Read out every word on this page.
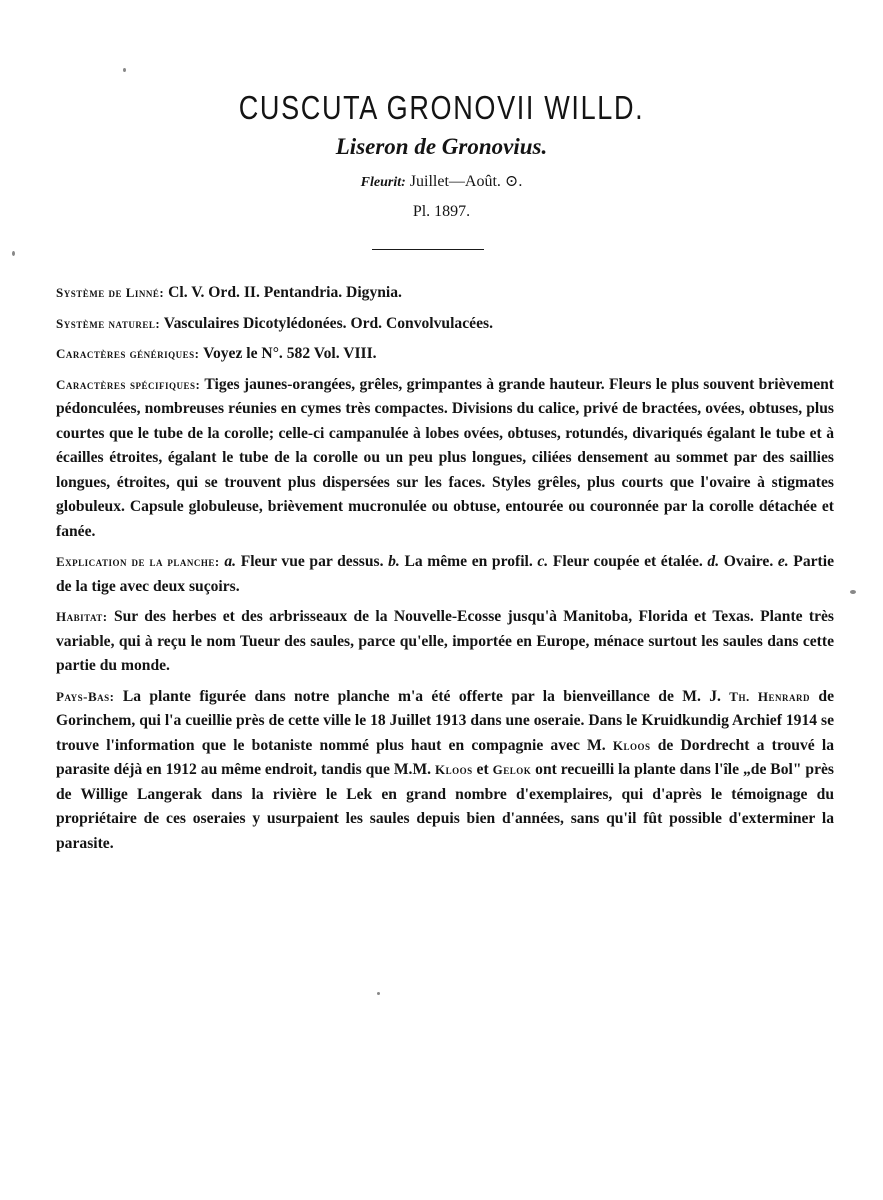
CUSCUTA GRONOVII WILLD.
Liseron de Gronovius.
Fleurit: Juillet—Août. ⊙.
Pl. 1897.

Système de Linné: Cl. V. Ord. II. Pentandria. Digynia.

Système naturel: Vasculaires Dicotylédonées. Ord. Convolvulacées.

Caractères génériques: Voyez le N°. 582 Vol. VIII.

Caractères spécifiques: Tiges jaunes-orangées, grêles, grimpantes à grande hauteur. Fleurs le plus souvent brièvement pédonculées, nombreuses réunies en cymes très compactes. Divisions du calice, privé de bractées, ovées, obtuses, plus courtes que le tube de la corolle; celle-ci campanulée à lobes ovées, obtuses, rotundés, divariqués égalant le tube et à écailles étroites, égalant le tube de la corolle ou un peu plus longues, ciliées densement au sommet par des saillies longues, étroites, qui se trouvent plus dispersées sur les faces. Styles grêles, plus courts que l'ovaire à stigmates globuleux. Capsule globuleuse, brièvement mucronulée ou obtuse, entourée ou couronnée par la corolle détachée et fanée.

Explication de la planche: a. Fleur vue par dessus. b. La même en profil. c. Fleur coupée et étalée. d. Ovaire. e. Partie de la tige avec deux suçoirs.

Habitat: Sur des herbes et des arbrisseaux de la Nouvelle-Ecosse jusqu'à Manitoba, Florida et Texas. Plante très variable, qui à reçu le nom Tueur des saules, parce qu'elle, importée en Europe, ménace surtout les saules dans cette partie du monde.

Pays-Bas: La plante figurée dans notre planche m'a été offerte par la bienveillance de M. J. Th. Henrard de Gorinchem, qui l'a cueillie près de cette ville le 18 Juillet 1913 dans une oseraie. Dans le Kruidkundig Archief 1914 se trouve l'information que le botaniste nommé plus haut en compagnie avec M. Kloos de Dordrecht a trouvé la parasite déjà en 1912 au même endroit, tandis que M.M. Kloos et Gelok ont recueilli la plante dans l'île „de Bol" près de Willige Langerak dans la rivière le Lek en grand nombre d'exemplaires, qui d'après le témoignage du propriétaire de ces oseraies y usurpaient les saules depuis bien d'années, sans qu'il fût possible d'exterminer la parasite.
